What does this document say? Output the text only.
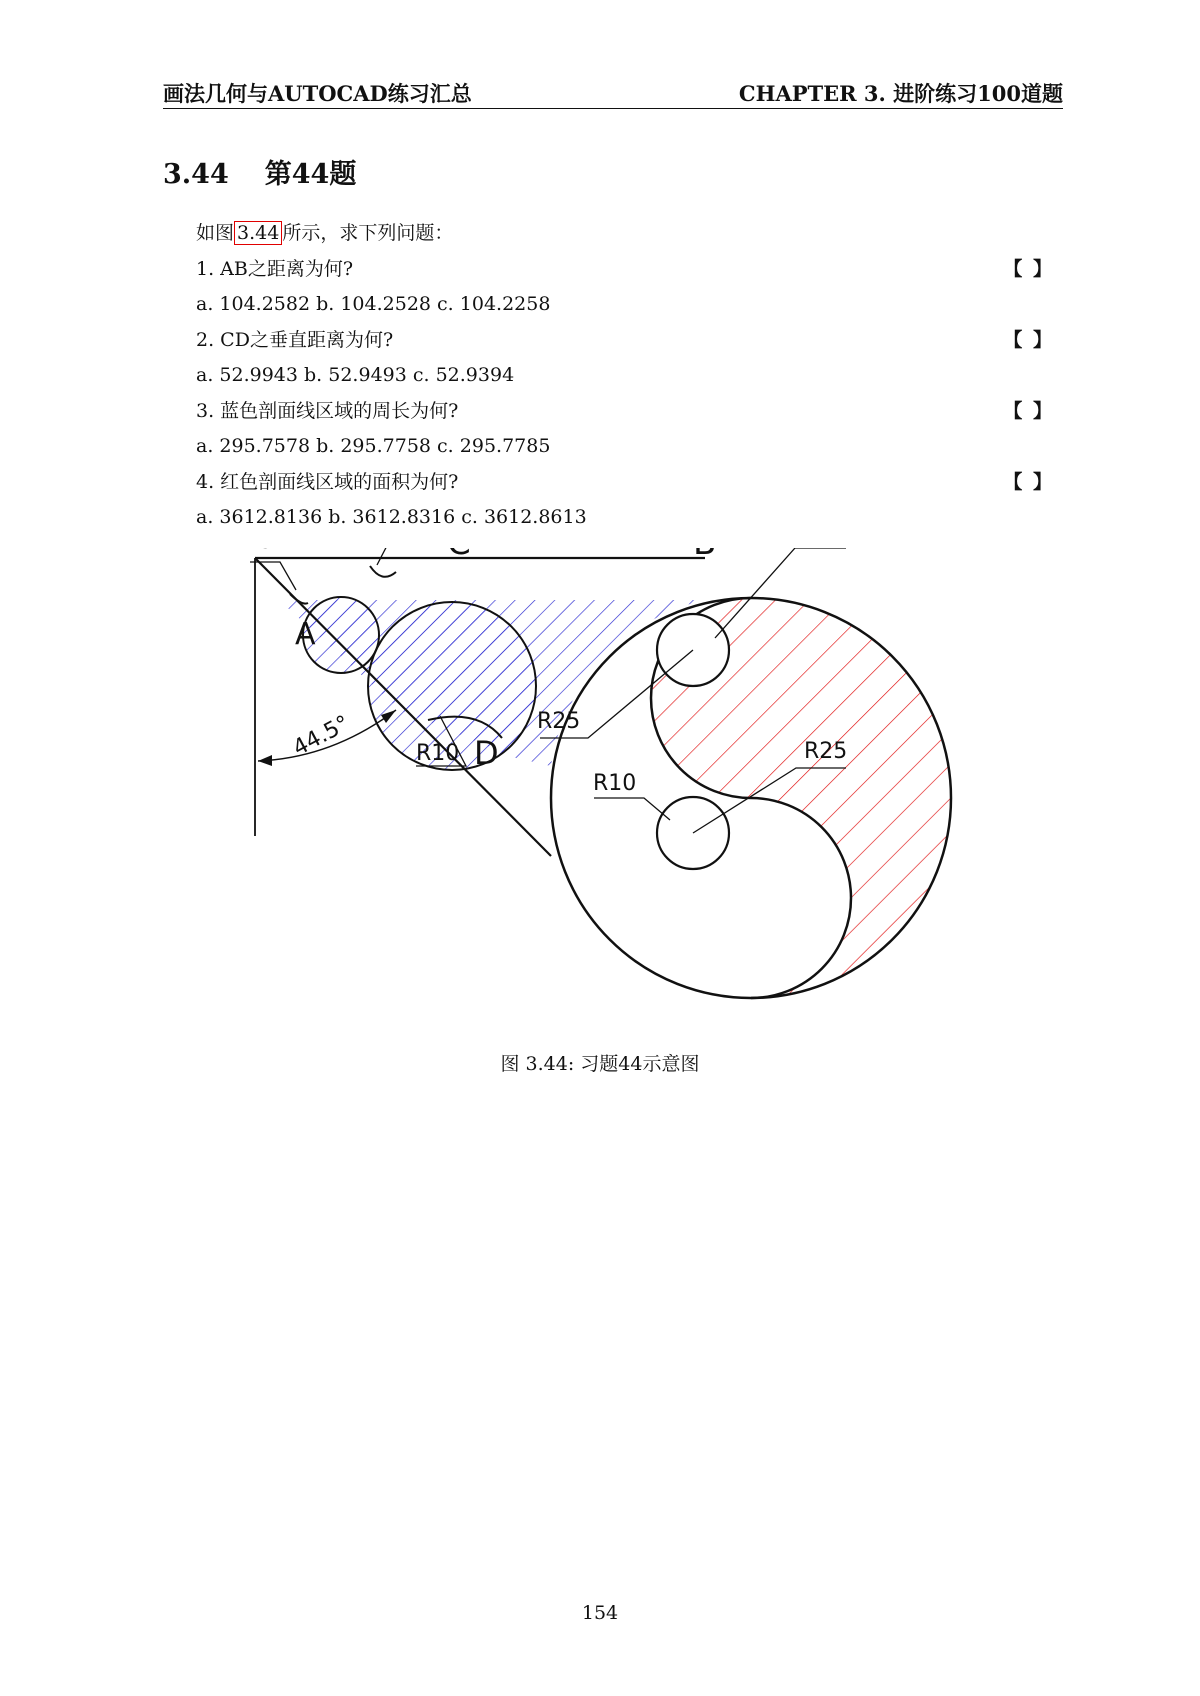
画法几何与AUTOCAD练习汇总	CHAPTER 3. 进阶练习100道题
3.44 第44题
如图 3.44 所示，求下列问题：
1. AB之距离为何?	【 】
a. 104.2582 b. 104.2528 c. 104.2258
2. CD之垂直距离为何?	【 】
a. 52.9943 b. 52.9493 c. 52.9394
3. 蓝色剖面线区域的周长为何?	【 】
a. 295.7578 b. 295.7758 c. 295.7785
4. 红色剖面线区域的面积为何?	【 】
a. 3612.8136 b. 3612.8316 c. 3612.8613
A
D
R25
R10	R25
R10
44.5°
图 3.44: 习题44示意图
154
